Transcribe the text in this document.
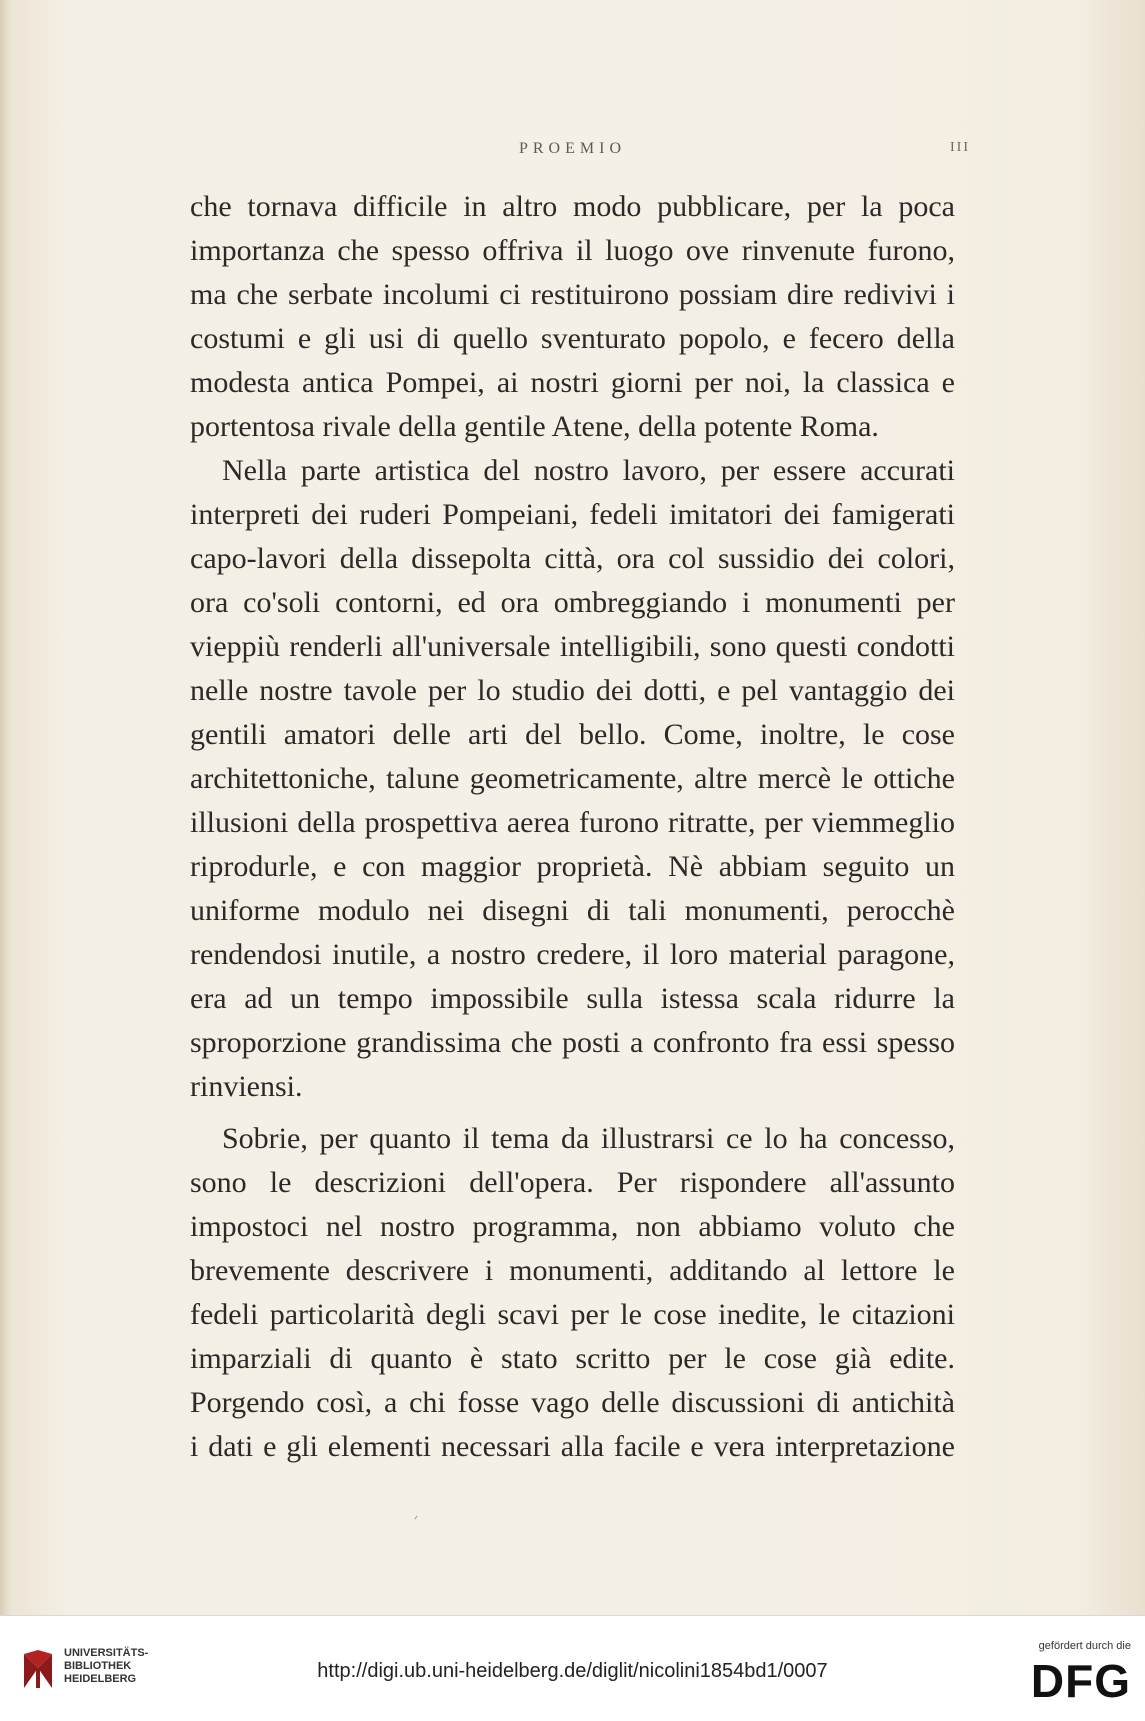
PROEMIO	III
che tornava difficile in altro modo pubblicare, per la poca
importanza che spesso offriva il luogo ove rinvenute furono,
ma che serbate incolumi ci restituirono possiam dire redivivi i
costumi e gli usi di quello sventurato popolo, e fecero della
modesta antica Pompei, ai nostri giorni per noi, la classica e
portentosa rivale della gentile Atene, della potente Roma.
Nella parte artistica del nostro lavoro, per essere accurati
interpreti dei ruderi Pompeiani, fedeli imitatori dei famigerati
capo-lavori della dissepolta città, ora col sussidio dei colori,
ora co'soli contorni, ed ora ombreggiando i monumenti per
vieppiù renderli all'universale intelligibili, sono questi condotti
nelle nostre tavole per lo studio dei dotti, e pel vantaggio dei
gentili amatori delle arti del bello. Come, inoltre, le cose
architettoniche, talune geometricamente, altre mercè le ottiche
illusioni della prospettiva aerea furono ritratte, per viemmeglio
riprodurle, e con maggior proprietà. Nè abbiam seguito un
uniforme modulo nei disegni di tali monumenti, perocchè
rendendosi inutile, a nostro credere, il loro material paragone,
era ad un tempo impossibile sulla istessa scala ridurre la
sproporzione grandissima che posti a confronto fra essi spesso
rinviensi.
Sobrie, per quanto il tema da illustrarsi ce lo ha concesso,
sono le descrizioni dell'opera. Per rispondere all'assunto
impostoci nel nostro programma, non abbiamo voluto che
brevemente descrivere i monumenti, additando al lettore le
fedeli particolarità degli scavi per le cose inedite, le citazioni
imparziali di quanto è stato scritto per le cose già edite.
Porgendo così, a chi fosse vago delle discussioni di antichità
i dati e gli elementi necessari alla facile e vera interpretazione
UNIVERSITÄTS-
BIBLIOTHEK
HEIDELBERG	http://digi.ub.uni-heidelberg.de/diglit/nicolini1854bd1/0007
gefördert durch die
DFG
